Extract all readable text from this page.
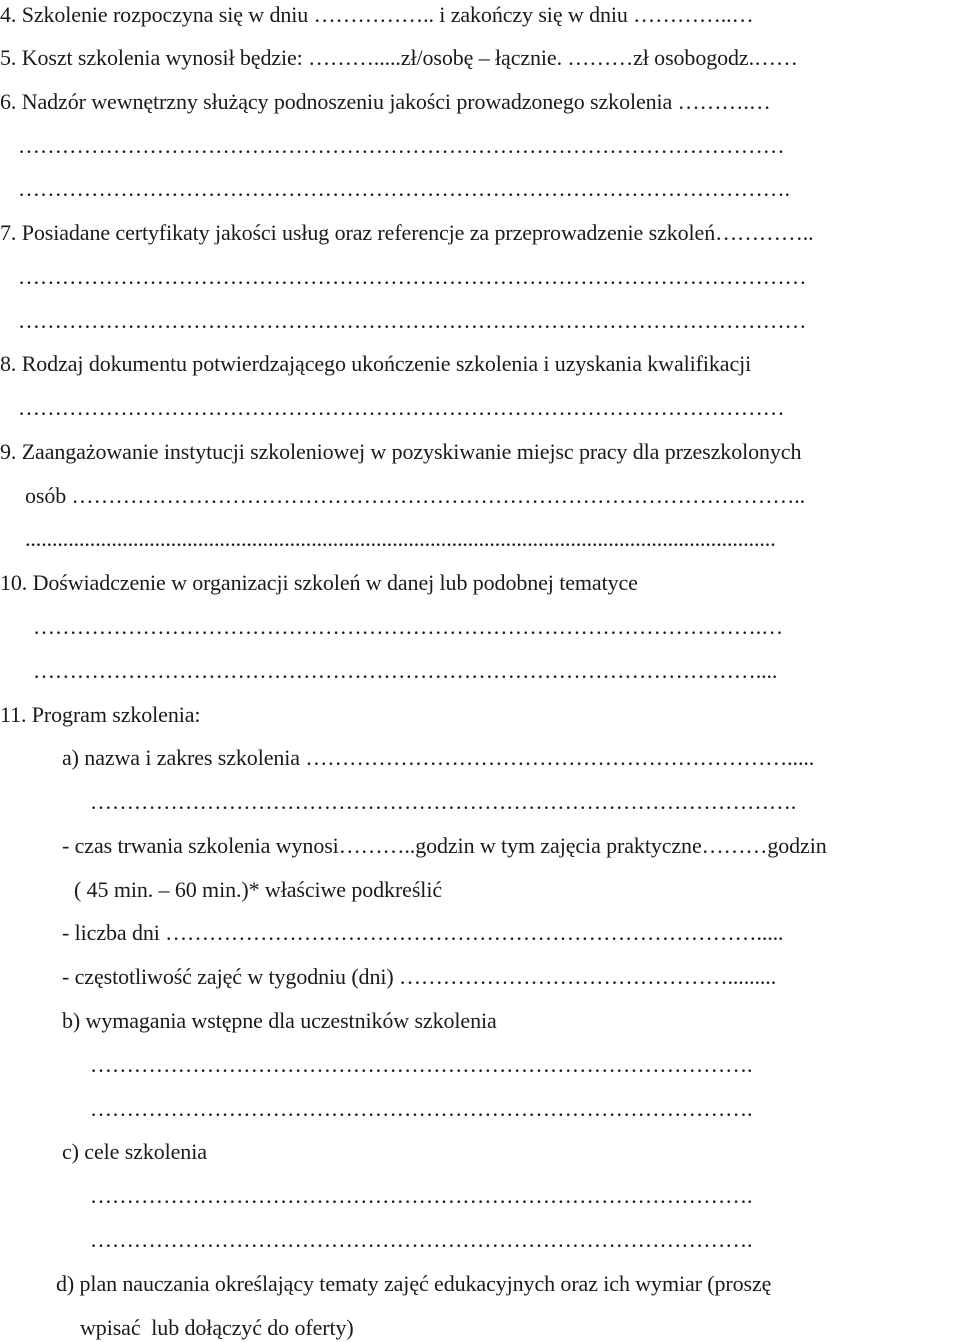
4. Szkolenie rozpoczyna się w dniu …………….. i zakończy się w dniu …………..…
5. Koszt szkolenia wynosił będzie: ……….....zł/osobę – łącznie. ………zł osobogodz.……
6. Nadzór wewnętrzny służący podnoszeniu jakości prowadzonego szkolenia ……….…
……………………………………………………………………………………………
…………………………………………………………………………………………….
7. Posiadane certyfikaty jakości usług oraz referencje za przeprowadzenie szkoleń…………..
………………………………………………………………………………………………
………………………………………………………………………………………………
8. Rodzaj dokumentu potwierdzającego ukończenie szkolenia i uzyskania kwalifikacji
……………………………………………………………………………………………
9. Zaangażowanie instytucji szkoleniowej w pozyskiwanie miejsc pracy dla przeszkolonych
osób ………………………………………………………………………………………..
...........................................................................................................................................
10. Doświadczenie w organizacji szkoleń w danej lub podobnej tematyce
……………………………………………………………………………………….…
………………………………………………………………………………………....
11. Program szkolenia:
a) nazwa i zakres szkolenia ………………………………………………………….....
…………………………………………………………………………………….
- czas trwania szkolenia wynosi………..godzin w tym zajęcia praktyczne………godzin
( 45 min. – 60 min.)* właściwe podkreślić
- liczba dni ……………………………………………………………………….....
- częstotliwość zajęć w tygodniu (dni) ……………………………………….........
b) wymagania wstępne dla uczestników szkolenia
……………………………………………………………………………….
……………………………………………………………………………….
c) cele szkolenia
……………………………………………………………………………….
……………………………………………………………………………….
d) plan nauczania określający tematy zajęć edukacyjnych oraz ich wymiar (proszę
wpisać  lub dołączyć do oferty)
